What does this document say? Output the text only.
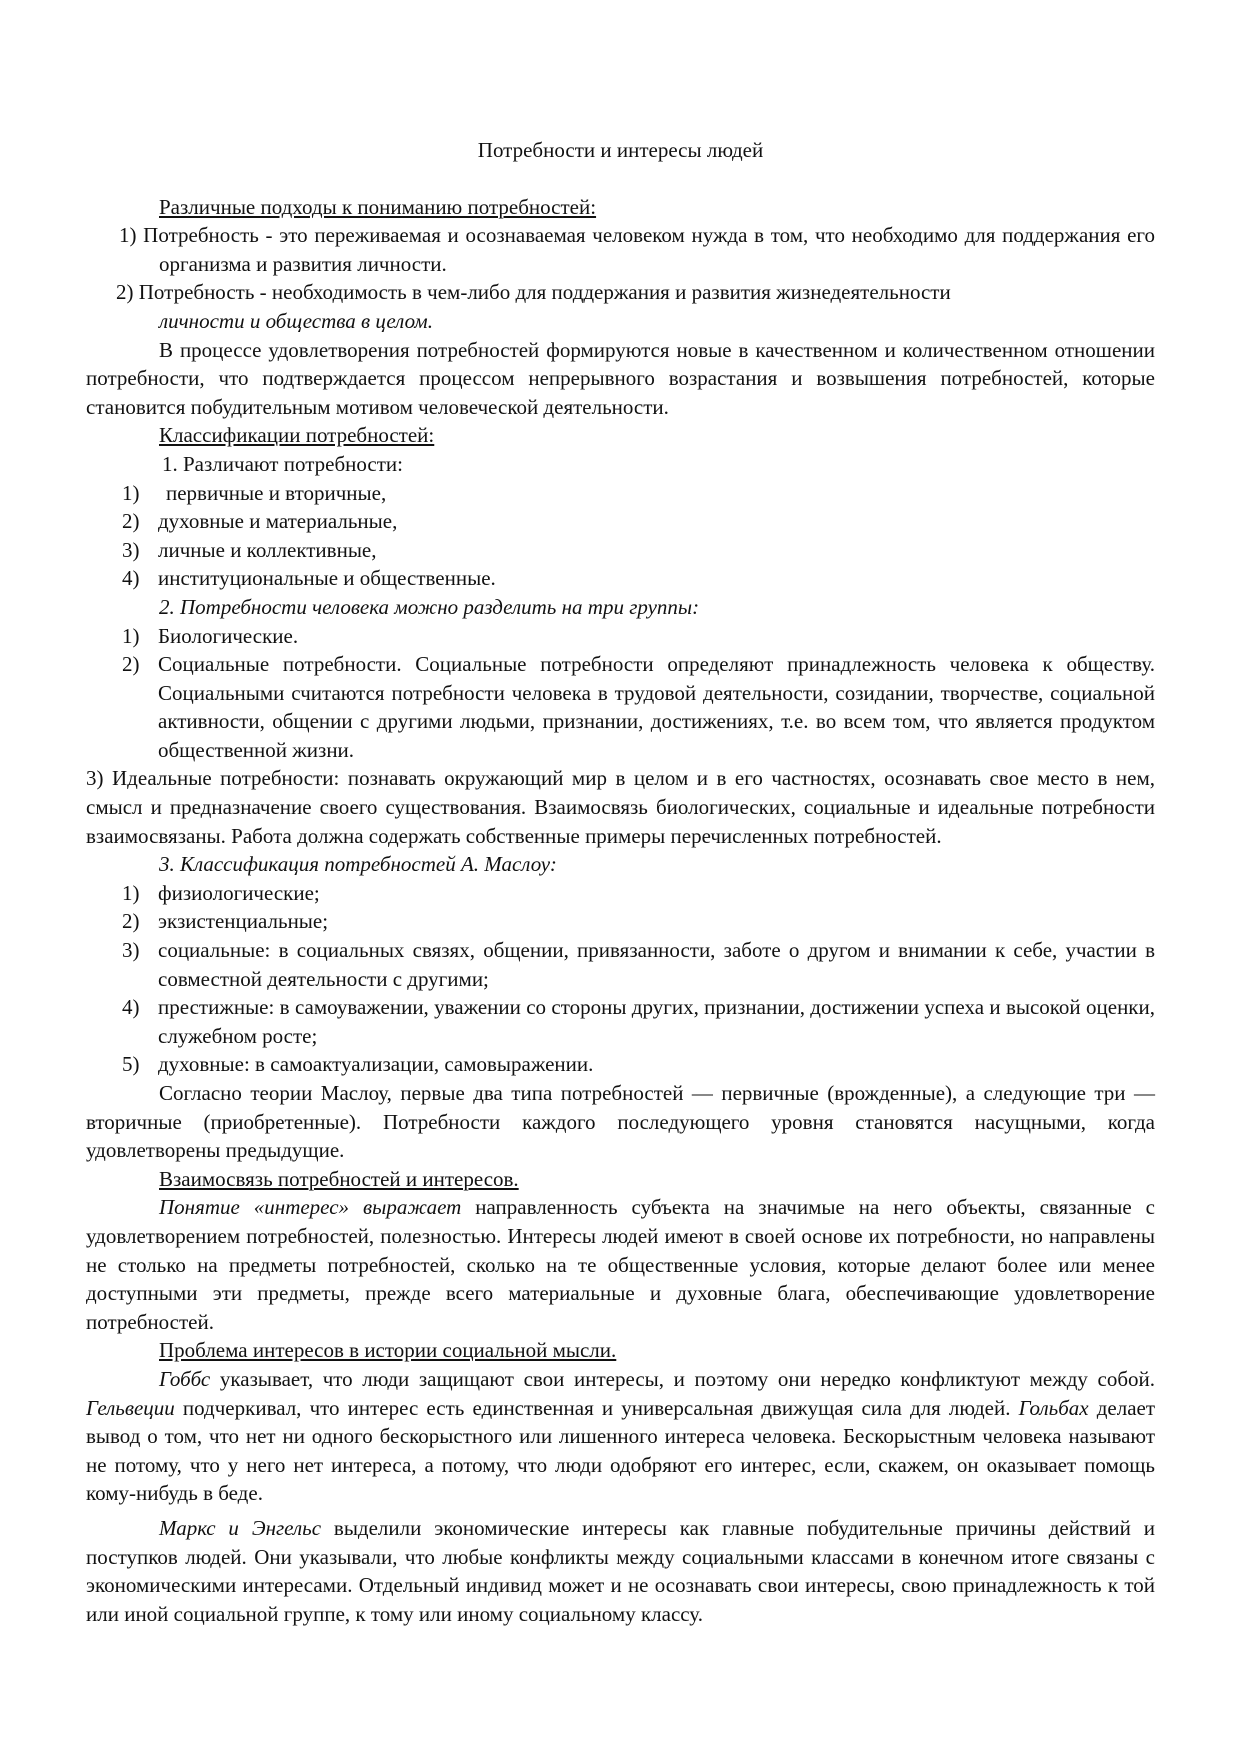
Потребности и интересы людей
Различные подходы к пониманию потребностей:
1) Потребность - это переживаемая и осознаваемая человеком нужда в том, что необходимо для поддержания его организма и развития личности.
2) Потребность - необходимость в чем-либо для поддержания и развития жизнедеятельности
личности и общества в целом.
В процессе удовлетворения потребностей формируются новые в качественном и количественном отношении потребности, что подтверждается процессом непрерывного возрастания и возвышения потребностей, которые становится побудительным мотивом человеческой деятельности.
Классификации потребностей:
1. Различают потребности:
1)	первичные и вторичные,
2) духовные и материальные,
3) личные и коллективные,
4) институциональные и общественные.
2. Потребности человека можно разделить на три группы:
1) Биологические.
2) Социальные потребности. Социальные потребности определяют принадлежность человека к обществу. Социальными считаются потребности человека в трудовой деятельности, созидании, творчестве, социальной активности, общении с другими людьми, признании, достижениях, т.е. во всем том, что является продуктом общественной жизни.
3) Идеальные потребности: познавать окружающий мир в целом и в его частностях, осознавать свое место в нем, смысл и предназначение своего существования. Взаимосвязь биологических, социальные и идеальные потребности взаимосвязаны. Работа должна содержать собственные примеры перечисленных потребностей.
3. Классификация потребностей А. Маслоу:
1) физиологические;
2) экзистенциальные;
3) социальные: в социальных связях, общении, привязанности, заботе о другом и внимании к себе, участии в совместной деятельности с другими;
4) престижные: в самоуважении, уважении со стороны других, признании, достижении успеха и высокой оценки, служебном росте;
5) духовные: в самоактуализации, самовыражении.
Согласно теории Маслоу, первые два типа потребностей — первичные (врожденные), а следующие три — вторичные (приобретенные). Потребности каждого последующего уровня становятся насущными, когда удовлетворены предыдущие.
Взаимосвязь потребностей и интересов.
Понятие «интерес» выражает направленность субъекта на значимые на него объекты, связанные с удовлетворением потребностей, полезностью. Интересы людей имеют в своей основе их потребности, но направлены не столько на предметы потребностей, сколько на те общественные условия, которые делают более или менее доступными эти предметы, прежде всего материальные и духовные блага, обеспечивающие удовлетворение потребностей.
Проблема интересов в истории социальной мысли.
Гоббс указывает, что люди защищают свои интересы, и поэтому они нередко конфликтуют между собой. Гельвеции подчеркивал, что интерес есть единственная и универсальная движущая сила для людей. Гольбах делает вывод о том, что нет ни одного бескорыстного или лишенного интереса человека. Бескорыстным человека называют не потому, что у него нет интереса, а потому, что люди одобряют его интерес, если, скажем, он оказывает помощь кому-нибудь в беде.
Маркс и Энгельс выделили экономические интересы как главные побудительные причины действий и поступков людей. Они указывали, что любые конфликты между социальными классами в конечном итоге связаны с экономическими интересами. Отдельный индивид может и не осознавать свои интересы, свою принадлежность к той или иной социальной группе, к тому или иному социальному классу.
